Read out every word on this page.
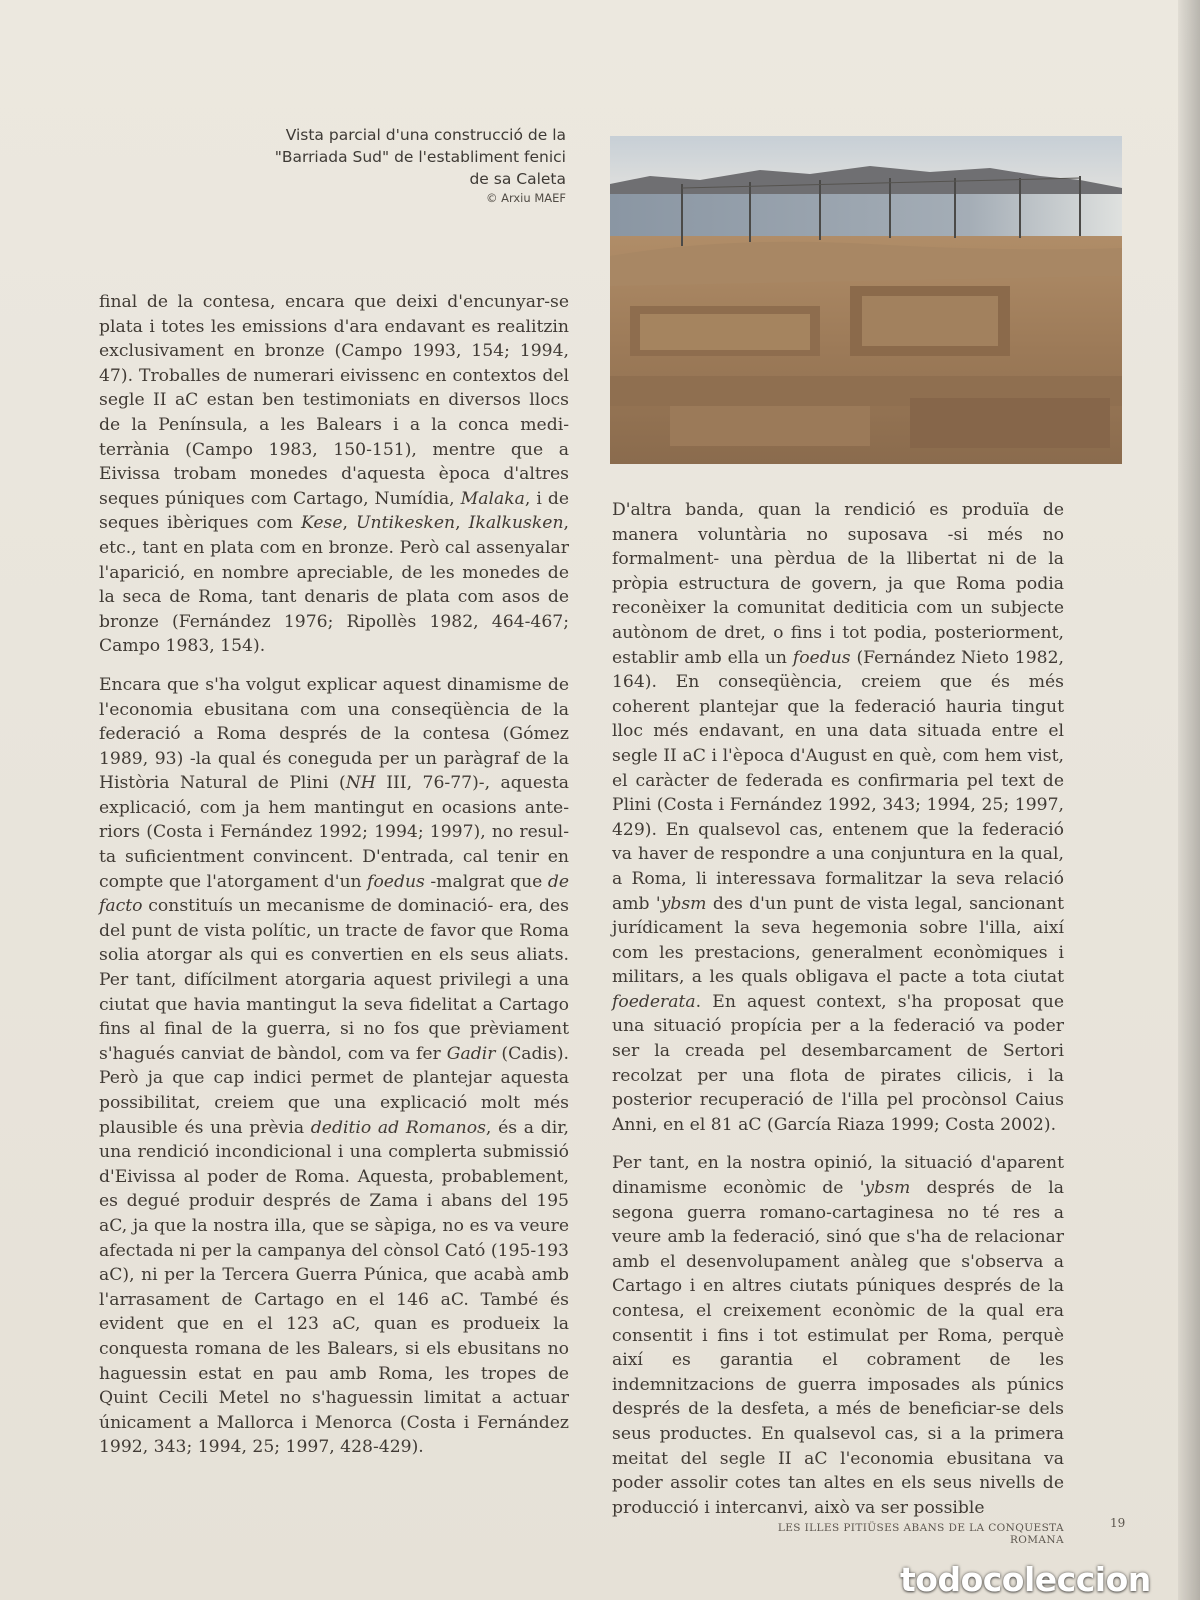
Vista parcial d'una construcció de la
"Barriada Sud" de l'establiment fenici
de sa Caleta
© Arxiu MAEF

final de la contesa, encara que deixi d'encunyar-se plata i totes les emissions d'ara endavant es realitzin exclusivament en bronze (Campo 1993, 154; 1994, 47). Troballes de numerari eivissenc en contextos del segle II aC estan ben testimoniats en diversos llocs de la Península, a les Balears i a la conca mediterrània (Campo 1983, 150-151), mentre que a Eivissa trobam monedes d'aquesta època d'altres seques púniques com Cartago, Numídia, Malaka, i de seques ibèriques com Kese, Untikesken, Ikalkusken, etc., tant en plata com en bronze. Però cal assenyalar l'aparició, en nombre apreciable, de les monedes de la seca de Roma, tant denaris de plata com asos de bronze (Fernández 1976; Ripollès 1982, 464-467; Campo 1983, 154).

Encara que s'ha volgut explicar aquest dinamisme de l'economia ebusitana com una conseqüència de la federació a Roma després de la contesa (Gómez 1989, 93) -la qual és coneguda per un paràgraf de la Història Natural de Plini (NH III, 76-77)-, aquesta explicació, com ja hem mantingut en ocasions anteriors (Costa i Fernández 1992; 1994; 1997), no resulta suficientment convincent. D'entrada, cal tenir en compte que l'atorgament d'un foedus -malgrat que de facto constituís un mecanisme de dominació- era, des del punt de vista polític, un tracte de favor que Roma solia atorgar als qui es convertien en els seus aliats. Per tant, difícilment atorgaria aquest privilegi a una ciutat que havia mantingut la seva fidelitat a Cartago fins al final de la guerra, si no fos que prèviament s'hagués canviat de bàndol, com va fer Gadir (Cadis). Però ja que cap indici permet de plantejar aquesta possibilitat, creiem que una explicació molt més plausible és una prèvia deditio ad Romanos, és a dir, una rendició incondicional i una complerta submissió d'Eivissa al poder de Roma. Aquesta, probablement, es degué produir després de Zama i abans del 195 aC, ja que la nostra illa, que se sàpiga, no es va veure afectada ni per la campanya del cònsol Cató (195-193 aC), ni per la Tercera Guerra Púnica, que acabà amb l'arrasament de Cartago en el 146 aC. També és evident que en el 123 aC, quan es produeix la conquesta romana de les Balears, si els ebusitans no haguessin estat en pau amb Roma, les tropes de Quint Cecili Metel no s'haguessin limitat a actuar únicament a Mallorca i Menorca (Costa i Fernández 1992, 343; 1994, 25; 1997, 428-429).

D'altra banda, quan la rendició es produïa de manera voluntària no suposava -si més no formalment- una pèrdua de la llibertat ni de la pròpia estructura de govern, ja que Roma podia reconèixer la comunitat dediticia com un subjecte autònom de dret, o fins i tot podia, posteriorment, establir amb ella un foedus (Fernández Nieto 1982, 164). En conseqüència, creiem que és més coherent plantejar que la federació hauria tingut lloc més endavant, en una data situada entre el segle II aC i l'època d'August en què, com hem vist, el caràcter de federada es confirmaria pel text de Plini (Costa i Fernández 1992, 343; 1994, 25; 1997, 429). En qualsevol cas, entenem que la federació va haver de respondre a una conjuntura en la qual, a Roma, li interessava formalitzar la seva relació amb 'ybsm des d'un punt de vista legal, sancionant jurídicament la seva hegemonia sobre l'illa, així com les prestacions, generalment econòmiques i militars, a les quals obligava el pacte a tota ciutat foederata. En aquest context, s'ha proposat que una situació propícia per a la federació va poder ser la creada pel desembarcament de Sertori recolzat per una flota de pirates cilicis, i la posterior recuperació de l'illa pel procònsol Caius Anni, en el 81 aC (García Riaza 1999; Costa 2002).

Per tant, en la nostra opinió, la situació d'aparent dinamisme econòmic de 'ybsm després de la segona guerra romano-cartaginesa no té res a veure amb la federació, sinó que s'ha de relacionar amb el desenvolupament anàleg que s'observa a Cartago i en altres ciutats púniques després de la contesa, el creixement econòmic de la qual era consentit i fins i tot estimulat per Roma, perquè així es garantia el cobrament de les indemnitzacions de guerra imposades als púnics després de la desfeta, a més de beneficiar-se dels seus productes. En qualsevol cas, si a la primera meitat del segle II aC l'economia ebusitana va poder assolir cotes tan altes en els seus nivells de producció i intercanvi, això va ser possible

LES ILLES PITIÜSES ABANS DE LA CONQUESTA ROMANA
19
todocoleccion
